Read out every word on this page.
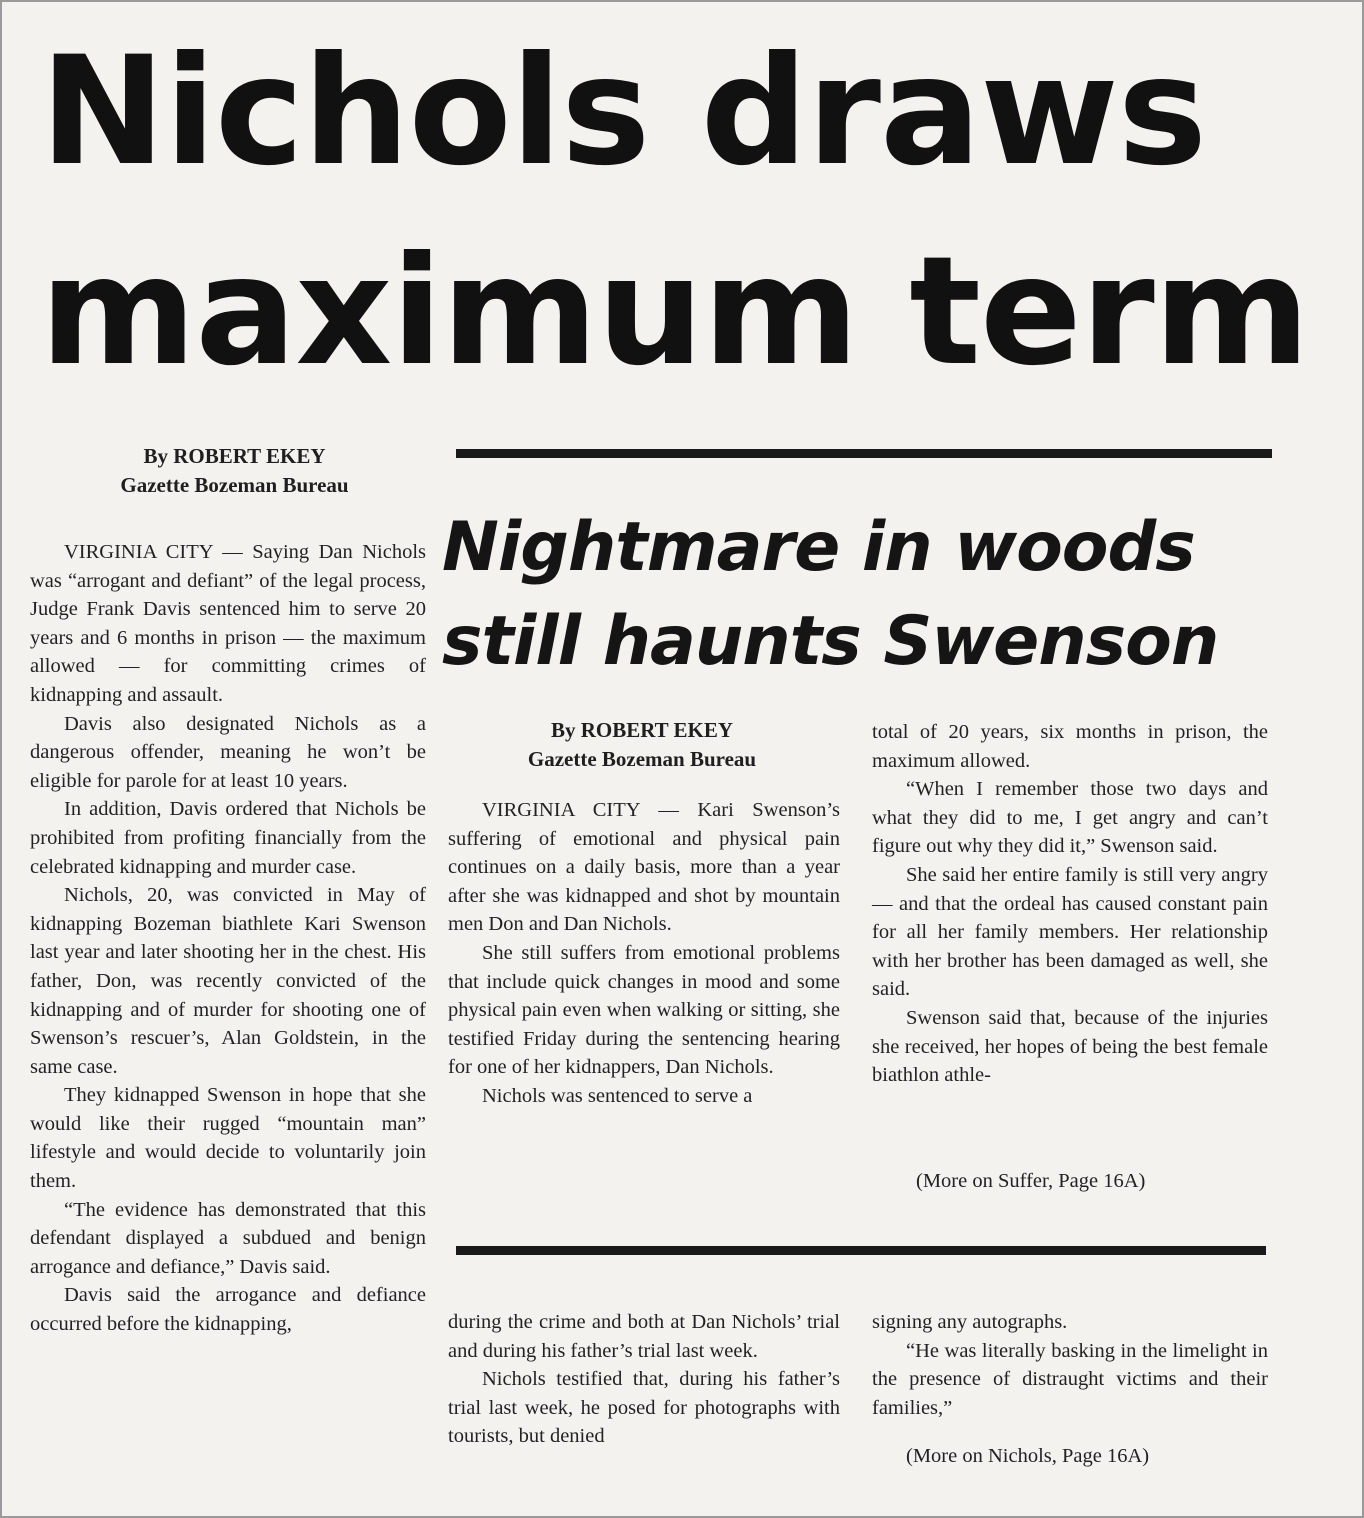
Nichols draws
maximum term
By ROBERT EKEY
Gazette Bozeman Bureau

VIRGINIA CITY — Saying Dan Nichols was “arrogant and defiant” of the legal process, Judge Frank Davis sentenced him to serve 20 years and 6 months in prison — the maximum allowed — for committing crimes of kidnapping and assault.

Davis also designated Nichols as a dangerous offender, meaning he won’t be eligible for parole for at least 10 years.

In addition, Davis ordered that Nichols be prohibited from profiting financially from the celebrated kidnapping and murder case.

Nichols, 20, was convicted in May of kidnapping Bozeman biathlete Kari Swenson last year and later shooting her in the chest. His father, Don, was recently convicted of the kidnapping and of murder for shooting one of Swenson’s rescuer’s, Alan Goldstein, in the same case.

They kidnapped Swenson in hope that she would like their rugged “mountain man” lifestyle and would decide to voluntarily join them.

“The evidence has demonstrated that this defendant displayed a subdued and benign arrogance and defiance,” Davis said.

Davis said the arrogance and defiance occurred before the kidnapping,

Nightmare in woods
still haunts Swenson
By ROBERT EKEY
Gazette Bozeman Bureau

VIRGINIA CITY — Kari Swenson’s suffering of emotional and physical pain continues on a daily basis, more than a year after she was kidnapped and shot by mountain men Don and Dan Nichols.

She still suffers from emotional problems that include quick changes in mood and some physical pain even when walking or sitting, she testified Friday during the sentencing hearing for one of her kidnappers, Dan Nichols.

Nichols was sentenced to serve a

total of 20 years, six months in prison, the maximum allowed.

“When I remember those two days and what they did to me, I get angry and can’t figure out why they did it,” Swenson said.

She said her entire family is still very angry — and that the ordeal has caused constant pain for all her family members. Her relationship with her brother has been damaged as well, she said.

Swenson said that, because of the injuries she received, her hopes of being the best female biathlon athle-

(More on Suffer, Page 16A)

during the crime and both at Dan Nichols’ trial and during his father’s trial last week.

Nichols testified that, during his father’s trial last week, he posed for photographs with tourists, but denied

signing any autographs.

“He was literally basking in the limelight in the presence of distraught victims and their families,”

(More on Nichols, Page 16A)
